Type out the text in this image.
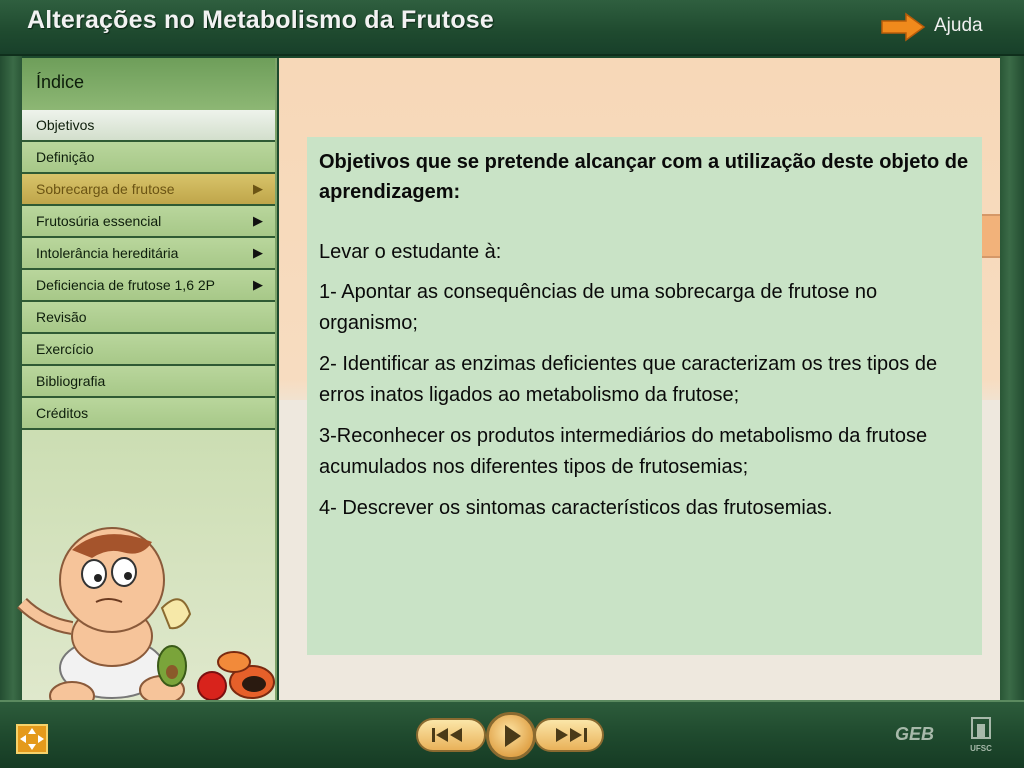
Alterações no Metabolismo da Frutose	Ajuda
Índice
Objetivos
Definição
Sobrecarga de frutose	▶
Frutosúria essencial	▶
Intolerância hereditária	▶
Deficiencia de frutose 1,6 2P	▶
Revisão
Exercício
Bibliografia
Créditos
Objetivos que se pretende alcançar com a utilização deste objeto de aprendizagem:
Levar o estudante à:
1- Apontar as consequências de uma sobrecarga de frutose no organismo;
2- Identificar as enzimas deficientes que caracterizam os tres tipos de erros inatos ligados ao metabolismo da frutose;
3-Reconhecer os produtos intermediários do metabolismo da frutose acumulados nos diferentes tipos de frutosemias;
4- Descrever os sintomas característicos das frutosemias.
GEB
UFSC
